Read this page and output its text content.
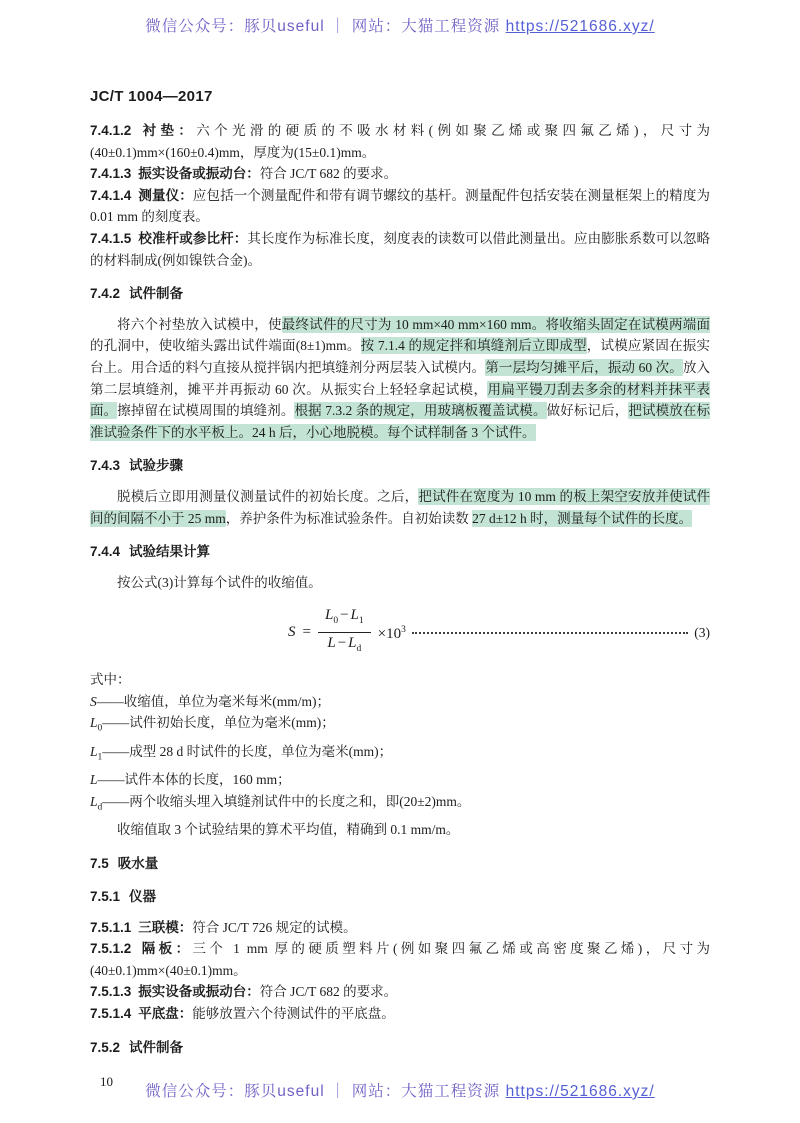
微信公众号：豚贝useful ｜ 网站：大猫工程资源 https://521686.xyz/
JC/T 1004—2017

7.4.1.2 衬垫：六个光滑的硬质的不吸水材料(例如聚乙烯或聚四氟乙烯)，尺寸为(40±0.1)mm×(160±0.4)mm，厚度为(15±0.1)mm。

7.4.1.3 振实设备或振动台：符合 JC/T 682 的要求。

7.4.1.4 测量仪：应包括一个测量配件和带有调节螺纹的基杆。测量配件包括安装在测量框架上的精度为 0.01 mm 的刻度表。

7.4.1.5 校准杆或参比杆：其长度作为标准长度，刻度表的读数可以借此测量出。应由膨胀系数可以忽略的材料制成(例如镍铁合金)。

7.4.2 试件制备

将六个衬垫放入试模中，使最终试件的尺寸为 10 mm×40 mm×160 mm。将收缩头固定在试模两端面的孔洞中，使收缩头露出试件端面(8±1)mm。按 7.1.4 的规定拌和填缝剂后立即成型，试模应紧固在振实台上。用合适的料勺直接从搅拌锅内把填缝剂分两层装入试模内。第一层均匀摊平后，振动 60 次。放入第二层填缝剂，摊平并再振动 60 次。从振实台上轻轻拿起试模，用扁平镘刀刮去多余的材料并抹平表面。擦掉留在试模周围的填缝剂。根据 7.3.2 条的规定，用玻璃板覆盖试模。做好标记后，把试模放在标准试验条件下的水平板上。24 h 后，小心地脱模。每个试样制备 3 个试件。

7.4.3 试验步骤

脱模后立即用测量仪测量试件的初始长度。之后，把试件在宽度为 10 mm 的板上架空安放并使试件间的间隔不小于 25 mm，养护条件为标准试验条件。自初始读数 27 d±12 h 时，测量每个试件的长度。

7.4.4 试验结果计算

按公式(3)计算每个试件的收缩值。

$S = \frac{L_0 - L_1}{L - L_d} \times 10^3$	(3)

式中：

S——收缩值，单位为毫米每米(mm/m)；

$L_0——$试件初始长度，单位为毫米(mm)；

$L_1——$成型 28 d 时试件的长度，单位为毫米(mm)；

L——试件本体的长度，160 mm；

$L_d——$两个收缩头埋入填缝剂试件中的长度之和，即(20±2)mm。

收缩值取 3 个试验结果的算术平均值，精确到 0.1 mm/m。

7.5 吸水量

7.5.1 仪器

7.5.1.1 三联模：符合 JC/T 726 规定的试模。

7.5.1.2 隔板：三个 1 mm 厚的硬质塑料片(例如聚四氟乙烯或高密度聚乙烯)，尺寸为(40±0.1)mm×(40±0.1)mm。

7.5.1.3 振实设备或振动台：符合 JC/T 682 的要求。

7.5.1.4 平底盘：能够放置六个待测试件的平底盘。

7.5.2 试件制备

10
微信公众号：豚贝useful ｜ 网站：大猫工程资源 https://521686.xyz/
